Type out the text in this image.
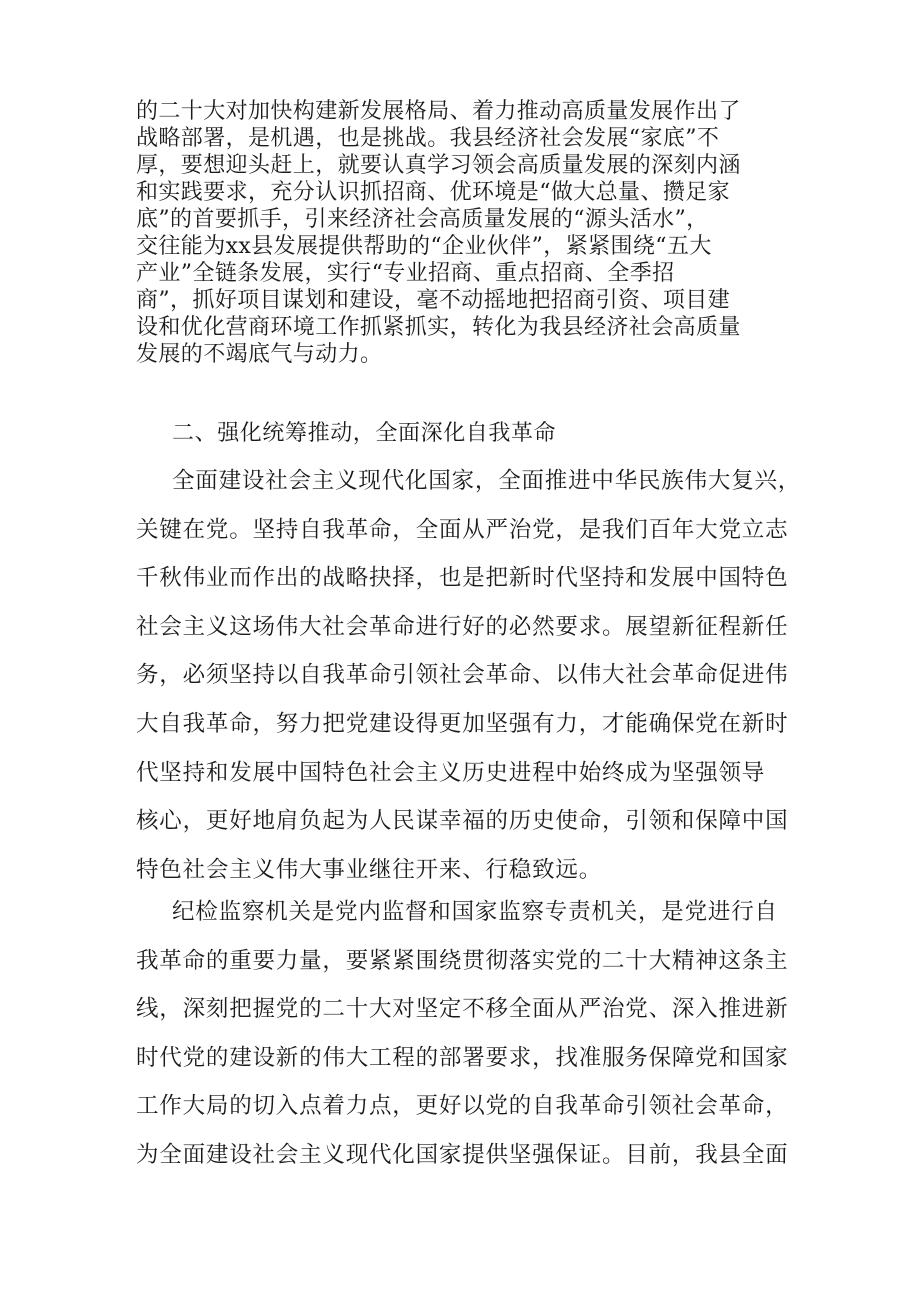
的二十大对加快构建新发展格局、着力推动高质量发展作出了
战略部署，是机遇，也是挑战。我县经济社会发展“家底”不
厚，要想迎头赶上，就要认真学习领会高质量发展的深刻内涵
和实践要求，充分认识抓招商、优环境是“做大总量、攒足家
底”的首要抓手，引来经济社会高质量发展的“源头活水”，
交往能为xx县发展提供帮助的“企业伙伴”，紧紧围绕“五大
产业”全链条发展，实行“专业招商、重点招商、全季招
商”，抓好项目谋划和建设，毫不动摇地把招商引资、项目建
设和优化营商环境工作抓紧抓实，转化为我县经济社会高质量
发展的不竭底气与动力。
二、强化统筹推动，全面深化自我革命
全面建设社会主义现代化国家，全面推进中华民族伟大复兴，
关键在党。坚持自我革命，全面从严治党，是我们百年大党立志
千秋伟业而作出的战略抉择，也是把新时代坚持和发展中国特色
社会主义这场伟大社会革命进行好的必然要求。展望新征程新任
务，必须坚持以自我革命引领社会革命、以伟大社会革命促进伟
大自我革命，努力把党建设得更加坚强有力，才能确保党在新时
代坚持和发展中国特色社会主义历史进程中始终成为坚强领导
核心，更好地肩负起为人民谋幸福的历史使命，引领和保障中国
特色社会主义伟大事业继往开来、行稳致远。
纪检监察机关是党内监督和国家监察专责机关，是党进行自
我革命的重要力量，要紧紧围绕贯彻落实党的二十大精神这条主
线，深刻把握党的二十大对坚定不移全面从严治党、深入推进新
时代党的建设新的伟大工程的部署要求，找准服务保障党和国家
工作大局的切入点着力点，更好以党的自我革命引领社会革命，
为全面建设社会主义现代化国家提供坚强保证。目前，我县全面
